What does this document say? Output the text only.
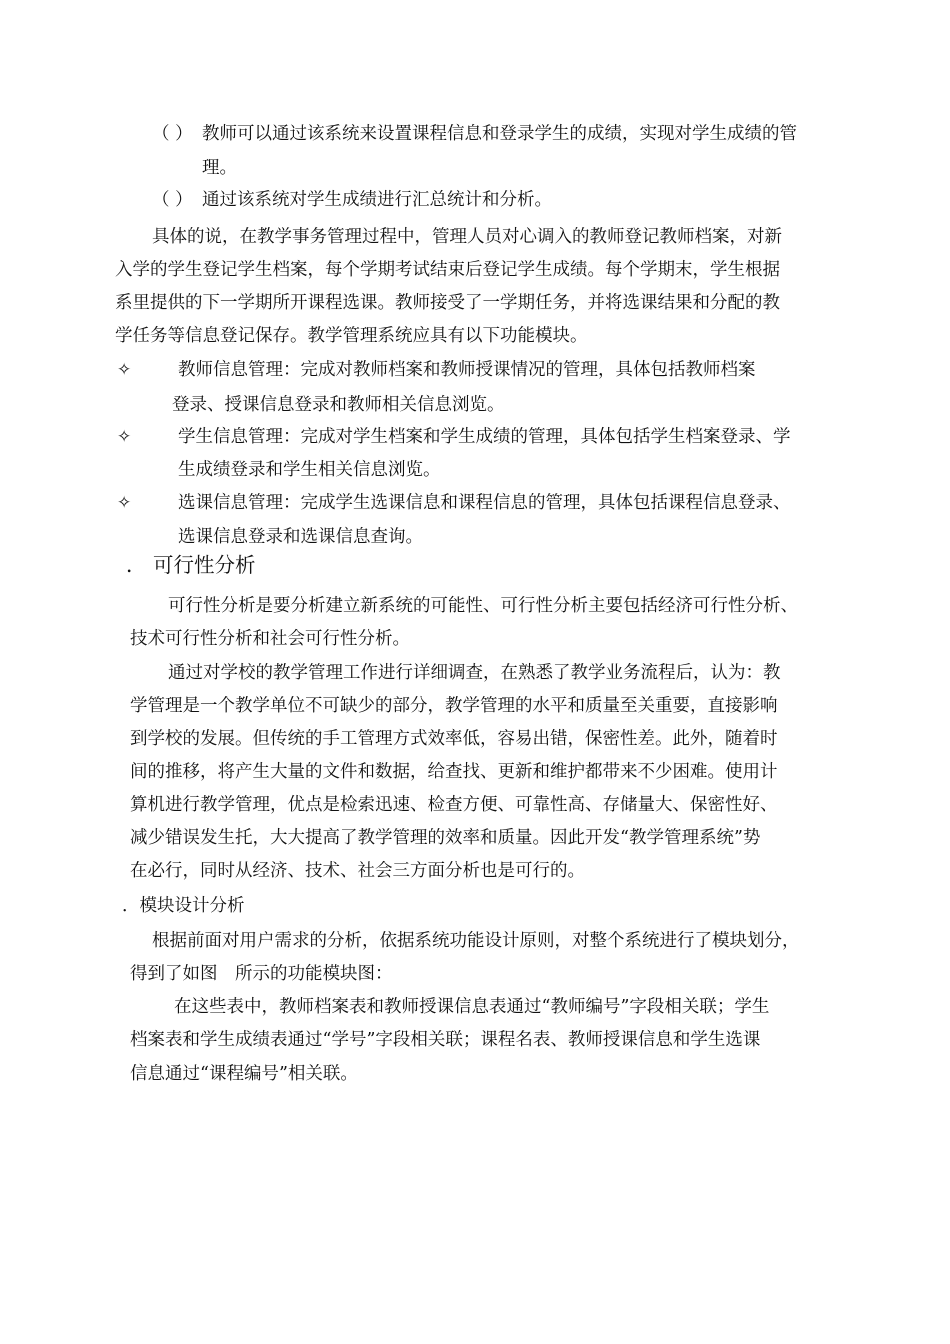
（ ） 教师可以通过该系统来设置课程信息和登录学生的成绩，实现对学生成绩的管
理。
（ ） 通过该系统对学生成绩进行汇总统计和分析。
具体的说，在教学事务管理过程中，管理人员对心调入的教师登记教师档案，对新
入学的学生登记学生档案，每个学期考试结束后登记学生成绩。每个学期末，学生根据
系里提供的下一学期所开课程选课。教师接受了一学期任务，并将选课结果和分配的教
学任务等信息登记保存。教学管理系统应具有以下功能模块。
✧	教师信息管理：完成对教师档案和教师授课情况的管理，具体包括教师档案
登录、授课信息登录和教师相关信息浏览。
✧	学生信息管理：完成对学生档案和学生成绩的管理，具体包括学生档案登录、学
生成绩登录和学生相关信息浏览。
✧	选课信息管理：完成学生选课信息和课程信息的管理，具体包括课程信息登录、
选课信息登录和选课信息查询。
． 可行性分析
可行性分析是要分析建立新系统的可能性、可行性分析主要包括经济可行性分析、
技术可行性分析和社会可行性分析。
通过对学校的教学管理工作进行详细调查，在熟悉了教学业务流程后，认为：教
学管理是一个教学单位不可缺少的部分，教学管理的水平和质量至关重要，直接影响
到学校的发展。但传统的手工管理方式效率低，容易出错，保密性差。此外，随着时
间的推移，将产生大量的文件和数据，给查找、更新和维护都带来不少困难。使用计
算机进行教学管理，优点是检索迅速、检查方便、可靠性高、存储量大、保密性好、
减少错误发生托，大大提高了教学管理的效率和质量。因此开发“教学管理系统”势
在必行，同时从经济、技术、社会三方面分析也是可行的。
．模块设计分析
根据前面对用户需求的分析，依据系统功能设计原则，对整个系统进行了模块划分，
得到了如图　所示的功能模块图：
在这些表中，教师档案表和教师授课信息表通过“教师编号”字段相关联；学生
档案表和学生成绩表通过“学号”字段相关联；课程名表、教师授课信息和学生选课
信息通过“课程编号”相关联。
